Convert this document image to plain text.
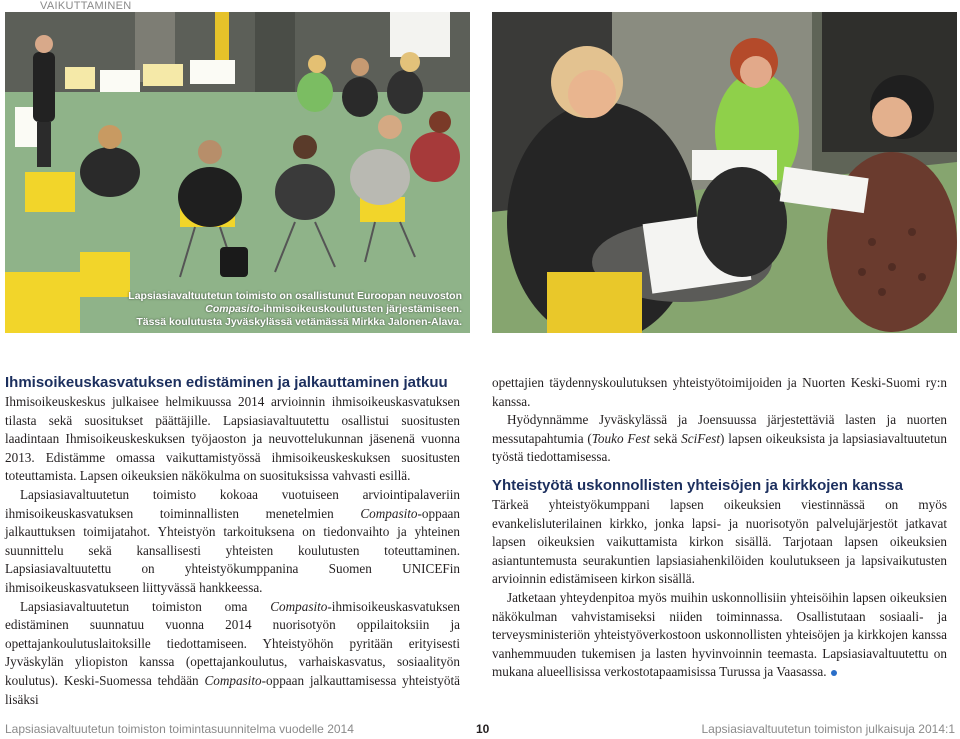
VAIKUTTAMINEN
Lapsiasiavaltuutetun toimisto on osallistunut Euroopan neuvoston
Compasito-ihmisoikeuskoulutusten järjestämiseen.
Tässä koulutusta Jyväskylässä vetämässä Mirkka Jalonen-Alava.
Ihmisoikeuskasvatuksen edistäminen ja jalkauttaminen jatkuu

Ihmisoikeuskeskus julkaisee helmikuussa 2014 arvioinnin ihmisoikeuskasvatuksen tilasta sekä suositukset päättäjille. Lapsiasiavaltuutettu osallistui suositusten laadintaan Ihmisoikeuskeskuksen työjaoston ja neuvottelukunnan jäsenenä vuonna 2013. Edistämme omassa vaikuttamistyössä ihmisoikeuskeskuksen suositusten toteuttamista. Lapsen oikeuksien näkökulma on suosituksissa vahvasti esillä.

Lapsiasiavaltuutetun toimisto kokoaa vuotuiseen arviointipalaveriin ihmisoikeuskasvatuksen toiminnallisten menetelmien Compasito-oppaan jalkauttuksen toimijatahot. Yhteistyön tarkoituksena on tiedonvaihto ja yhteinen suunnittelu sekä kansallisesti yhteisten koulutusten toteuttaminen. Lapsiasiavaltuutettu on yhteistyökumppanina Suomen UNICEFin ihmisoikeuskasvatukseen liittyvässä hankkeessa.

Lapsiasiavaltuutetun toimiston oma Compasito-ihmisoikeuskasvatuksen edistäminen suunnatuu vuonna 2014 nuorisotyön oppilaitoksiin ja opettajankoulutuslaitoksille tiedottamiseen. Yhteistyöhön pyritään erityisesti Jyväskylän yliopiston kanssa (opettajankoulutus, varhaiskasvatus, sosiaalityön koulutus). Keski-Suomessa tehdään Compasito-oppaan jalkauttamisessa yhteistyötä lisäksi

opettajien täydennyskoulutuksen yhteistyötoimijoiden ja Nuorten Keski-Suomi ry:n kanssa.

Hyödynnämme Jyväskylässä ja Joensuussa järjestettäviä lasten ja nuorten messutapahtumia (Touko Fest sekä SciFest) lapsen oikeuksista ja lapsiasiavaltuutetun työstä tiedottamisessa.

Yhteistyötä uskonnollisten yhteisöjen ja kirkkojen kanssa

Tärkeä yhteistyökumppani lapsen oikeuksien viestinnässä on myös evankelisluterilainen kirkko, jonka lapsi- ja nuorisotyön palvelujärjestöt jatkavat lapsen oikeuksien vaikuttamista kirkon sisällä. Tarjotaan lapsen oikeuksien asiantuntemusta seurakuntien lapsiasiahenkilöiden koulutukseen ja lapsivaikutusten arvioinnin edistämiseen kirkon sisällä.

Jatketaan yhteydenpitoa myös muihin uskonnollisiin yhteisöihin lapsen oikeuksien näkökulman vahvistamiseksi niiden toiminnassa. Osallistutaan sosiaali- ja terveysministeriön yhteistyöverkostoon uskonnollisten yhteisöjen ja kirkkojen kanssa vanhemmuuden tukemisen ja lasten hyvinvoinnin teemasta. Lapsiasiavaltuutettu on mukana alueellisissa verkostotapaamisissa Turussa ja Vaasassa.

Lapsiasiavaltuutetun toimiston toimintasuunnitelma vuodelle 2014	10	Lapsiasiavaltuutetun toimiston julkaisuja 2014:1
